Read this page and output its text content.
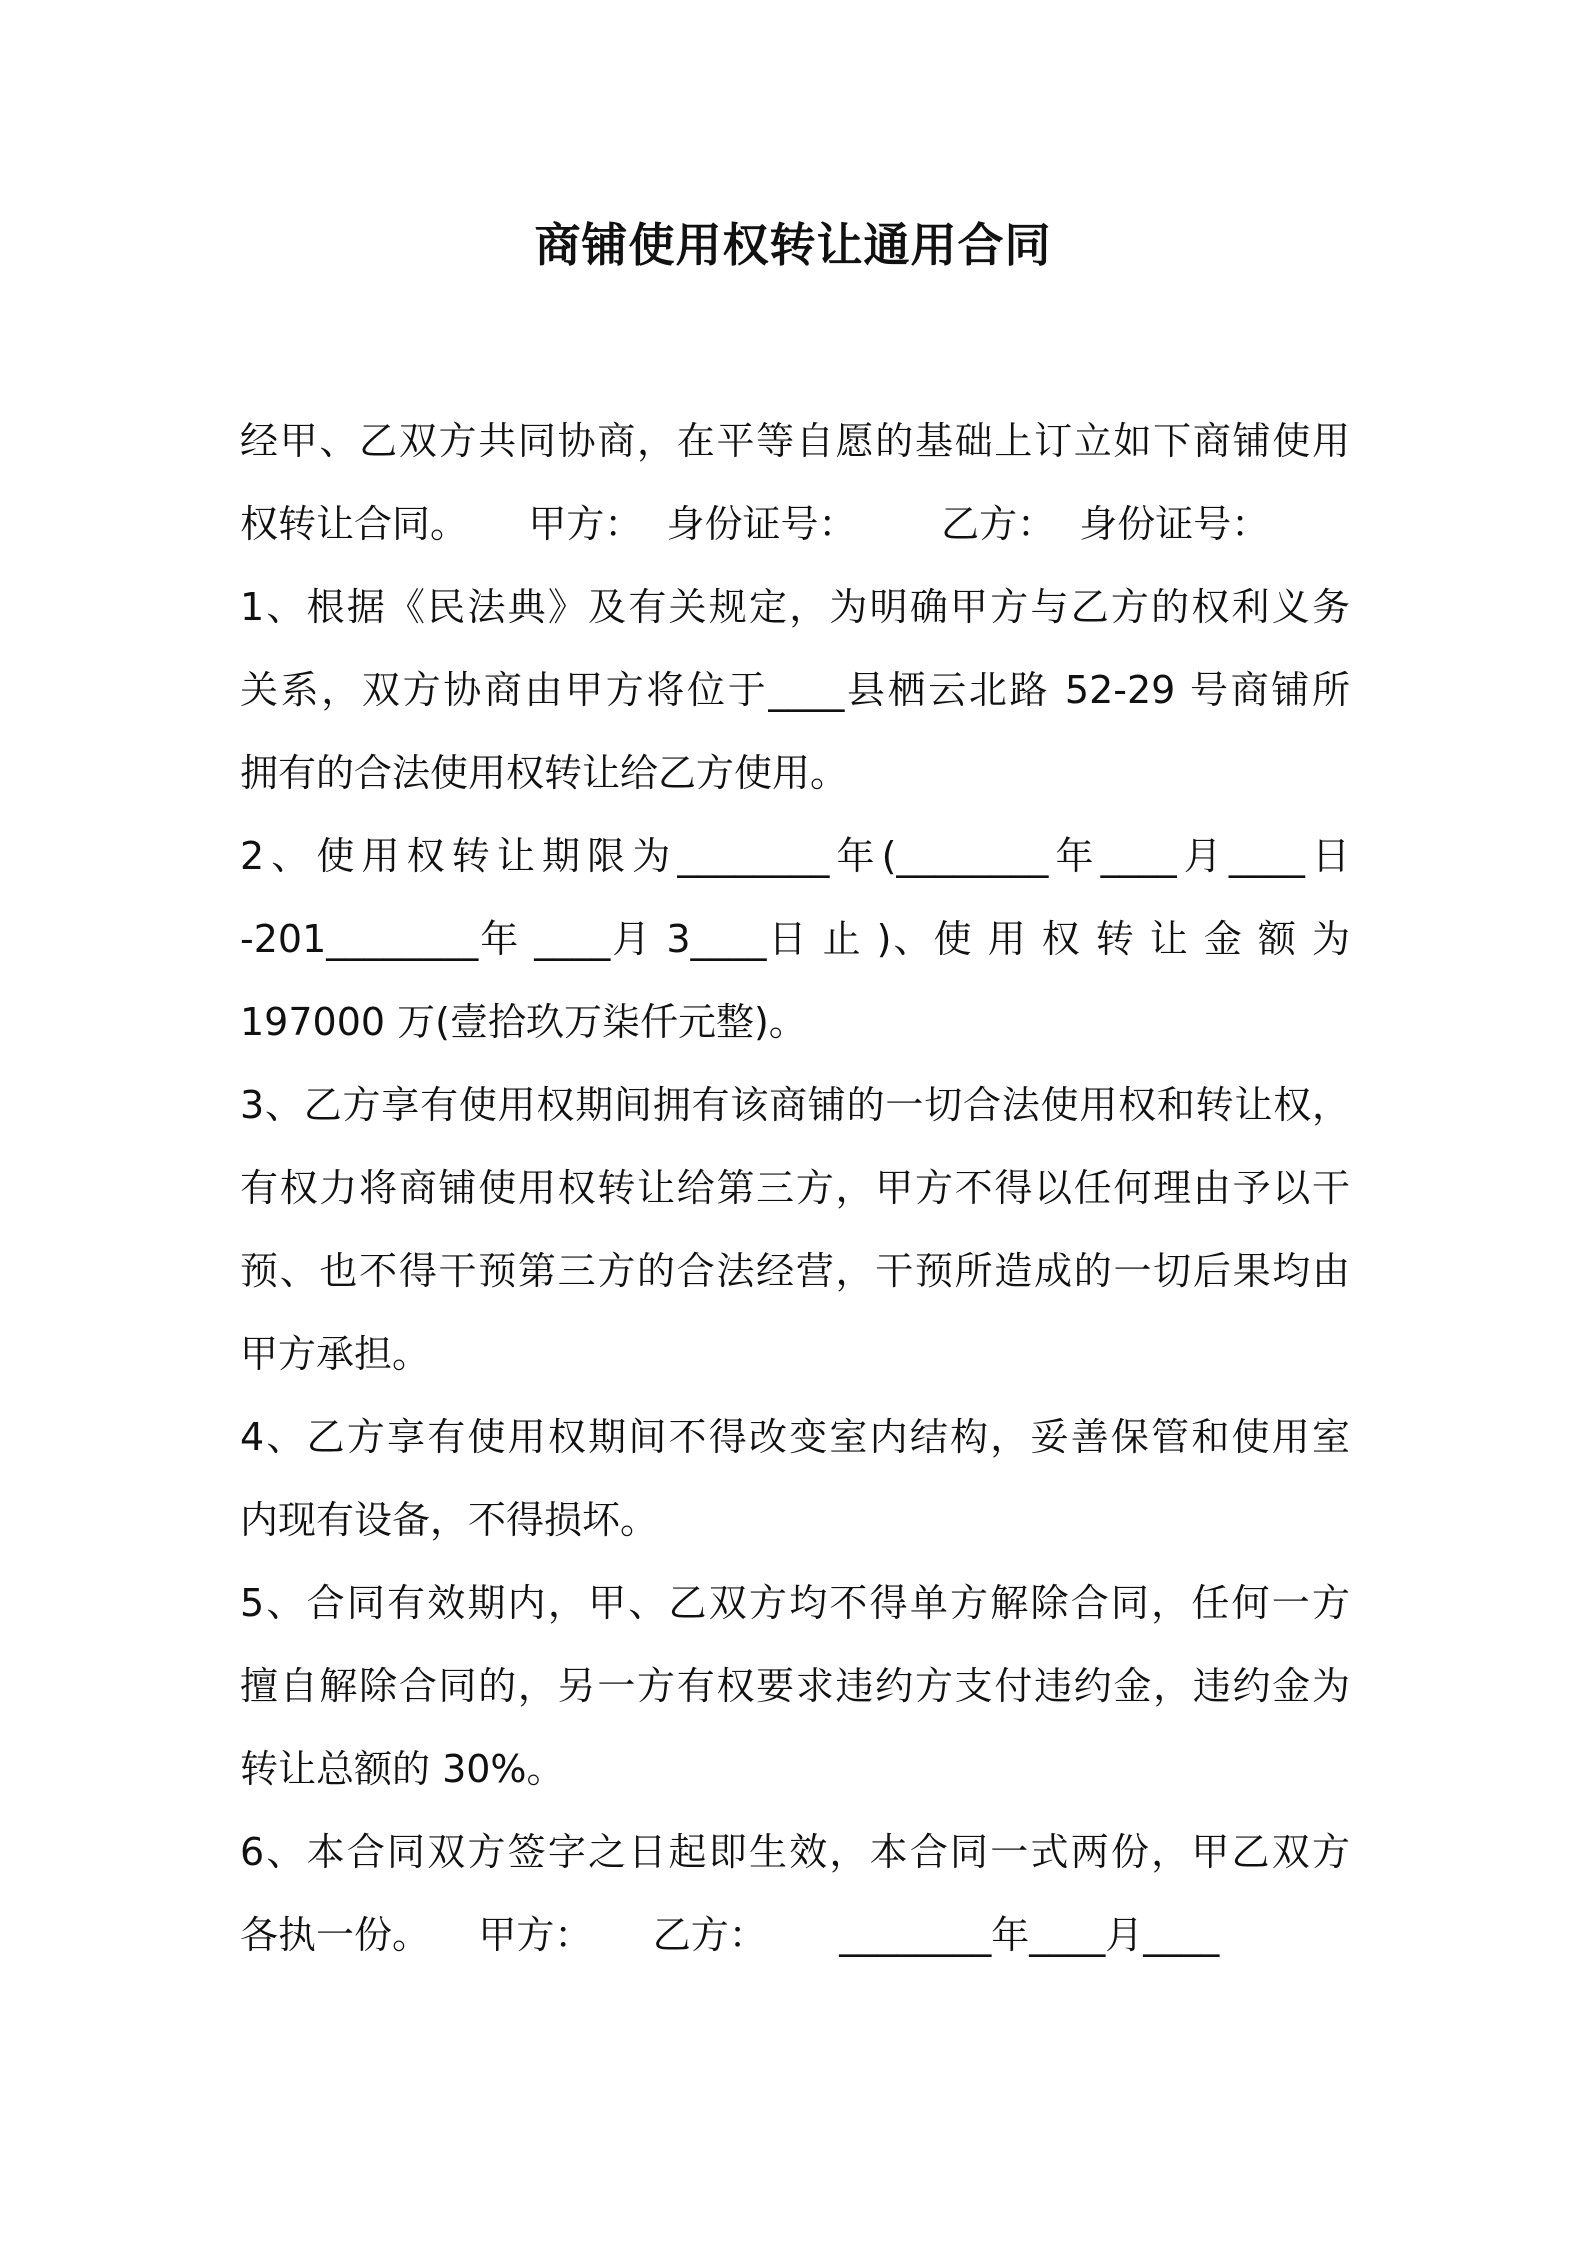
商铺使用权转让通用合同
经甲、乙双方共同协商，在平等自愿的基础上订立如下商铺使用
权转让合同。     甲方：  身份证号：       乙方：  身份证号：
1、根据《民法典》及有关规定，为明确甲方与乙方的权利义务
关系，双方协商由甲方将位于____县栖云北路 52-29 号商铺所
拥有的合法使用权转让给乙方使用。
2、使用权转让期限为________年(________年____月____日
-201________年 ____月 3____日 止 )、使 用 权 转 让 金 额 为
197000 万(壹拾玖万柒仟元整)。
3、乙方享有使用权期间拥有该商铺的一切合法使用权和转让权，
有权力将商铺使用权转让给第三方，甲方不得以任何理由予以干
预、也不得干预第三方的合法经营，干预所造成的一切后果均由
甲方承担。
4、乙方享有使用权期间不得改变室内结构，妥善保管和使用室
内现有设备，不得损坏。
5、合同有效期内，甲、乙双方均不得单方解除合同，任何一方
擅自解除合同的，另一方有权要求违约方支付违约金，违约金为
转让总额的 30%。
6、本合同双方签字之日起即生效，本合同一式两份，甲乙双方
各执一份。    甲方：     乙方：      ________年____月____
